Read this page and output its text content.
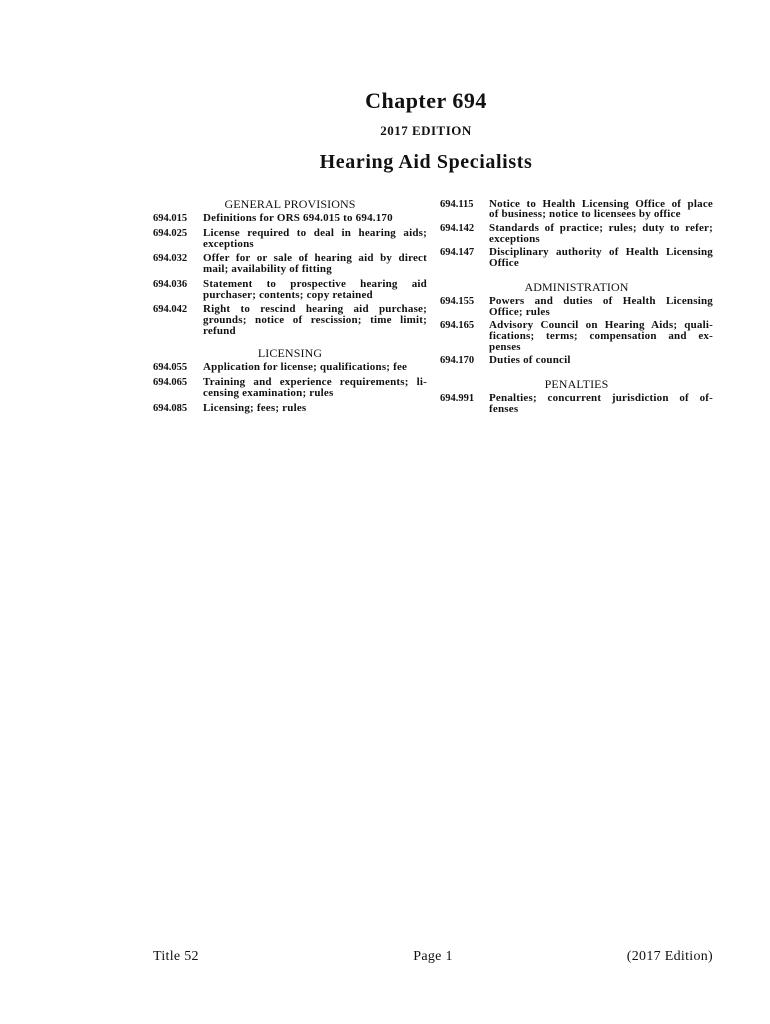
Chapter 694
2017 EDITION
Hearing Aid Specialists
GENERAL PROVISIONS
694.015	Definitions for ORS 694.015 to 694.170
694.025	License required to deal in hearing aids;
exceptions
694.032	Offer for or sale of hearing aid by direct
mail; availability of fitting
694.036	Statement to prospective hearing aid
purchaser; contents; copy retained
694.042	Right to rescind hearing aid purchase;
grounds; notice of rescission; time limit;
refund
LICENSING
694.055	Application for license; qualifications; fee
694.065	Training and experience requirements; li-
censing examination; rules
694.085	Licensing; fees; rules
694.115	Notice to Health Licensing Office of place
of business; notice to licensees by office
694.142	Standards of practice; rules; duty to refer;
exceptions
694.147	Disciplinary authority of Health Licensing
Office
ADMINISTRATION
694.155	Powers and duties of Health Licensing
Office; rules
694.165	Advisory Council on Hearing Aids; quali-
fications; terms; compensation and ex-
penses
694.170	Duties of council
PENALTIES
694.991	Penalties; concurrent jurisdiction of of-
fenses
Title 52	Page 1	(2017 Edition)
